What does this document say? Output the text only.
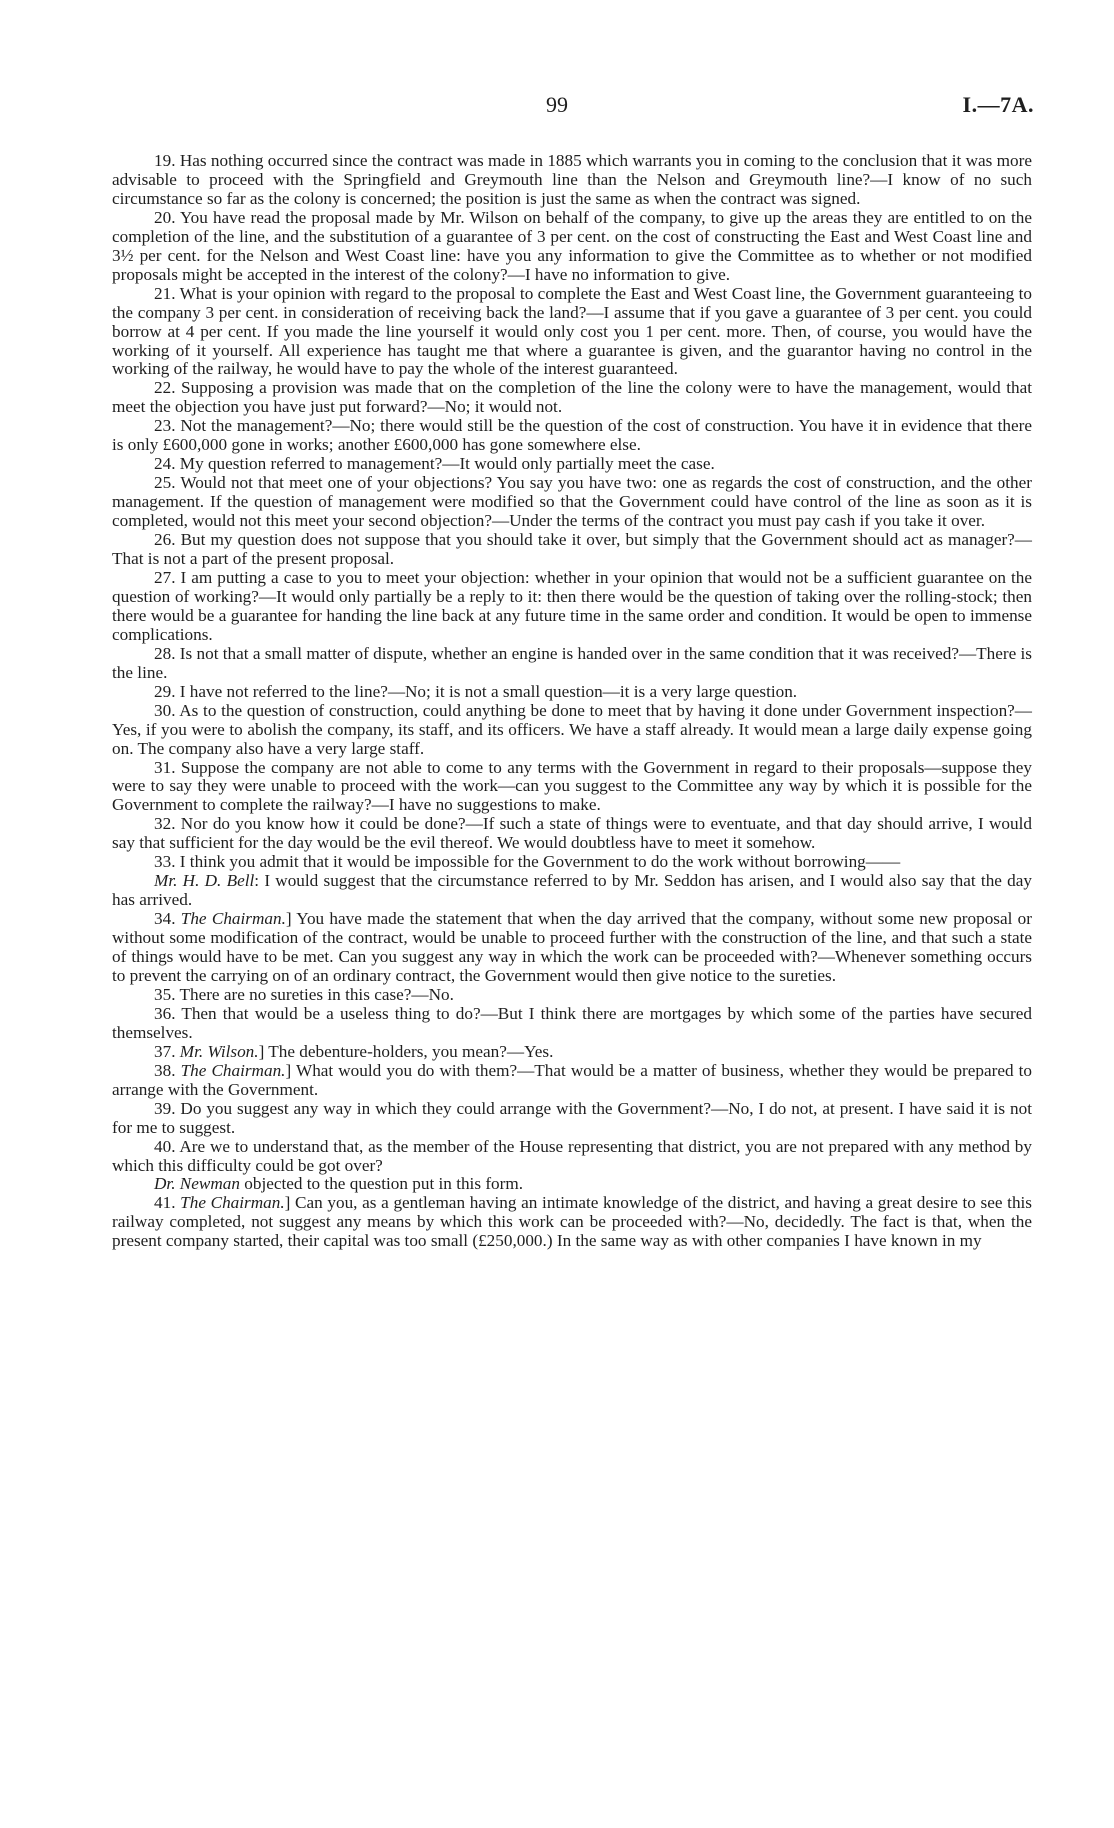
99	I.—7A.

19. Has nothing occurred since the contract was made in 1885 which warrants you in coming to the conclusion that it was more advisable to proceed with the Springfield and Greymouth line than the Nelson and Greymouth line?—I know of no such circumstance so far as the colony is concerned; the position is just the same as when the contract was signed.

20. You have read the proposal made by Mr. Wilson on behalf of the company, to give up the areas they are entitled to on the completion of the line, and the substitution of a guarantee of 3 per cent. on the cost of constructing the East and West Coast line and 3½ per cent. for the Nelson and West Coast line: have you any information to give the Committee as to whether or not modified proposals might be accepted in the interest of the colony?—I have no information to give.

21. What is your opinion with regard to the proposal to complete the East and West Coast line, the Government guaranteeing to the company 3 per cent. in consideration of receiving back the land?—I assume that if you gave a guarantee of 3 per cent. you could borrow at 4 per cent. If you made the line yourself it would only cost you 1 per cent. more. Then, of course, you would have the working of it yourself. All experience has taught me that where a guarantee is given, and the guarantor having no control in the working of the railway, he would have to pay the whole of the interest guaranteed.

22. Supposing a provision was made that on the completion of the line the colony were to have the management, would that meet the objection you have just put forward?—No; it would not.

23. Not the management?—No; there would still be the question of the cost of construction. You have it in evidence that there is only £600,000 gone in works; another £600,000 has gone somewhere else.

24. My question referred to management?—It would only partially meet the case.

25. Would not that meet one of your objections? You say you have two: one as regards the cost of construction, and the other management. If the question of management were modified so that the Government could have control of the line as soon as it is completed, would not this meet your second objection?—Under the terms of the contract you must pay cash if you take it over.

26. But my question does not suppose that you should take it over, but simply that the Government should act as manager?—That is not a part of the present proposal.

27. I am putting a case to you to meet your objection: whether in your opinion that would not be a sufficient guarantee on the question of working?—It would only partially be a reply to it: then there would be the question of taking over the rolling-stock; then there would be a guarantee for handing the line back at any future time in the same order and condition. It would be open to immense complications.

28. Is not that a small matter of dispute, whether an engine is handed over in the same condition that it was received?—There is the line.

29. I have not referred to the line?—No; it is not a small question—it is a very large question.

30. As to the question of construction, could anything be done to meet that by having it done under Government inspection?—Yes, if you were to abolish the company, its staff, and its officers. We have a staff already. It would mean a large daily expense going on. The company also have a very large staff.

31. Suppose the company are not able to come to any terms with the Government in regard to their proposals—suppose they were to say they were unable to proceed with the work—can you suggest to the Committee any way by which it is possible for the Government to complete the railway?—I have no suggestions to make.

32. Nor do you know how it could be done?—If such a state of things were to eventuate, and that day should arrive, I would say that sufficient for the day would be the evil thereof. We would doubtless have to meet it somehow.

33. I think you admit that it would be impossible for the Government to do the work without borrowing——

Mr. H. D. Bell: I would suggest that the circumstance referred to by Mr. Seddon has arisen, and I would also say that the day has arrived.

34. The Chairman.] You have made the statement that when the day arrived that the company, without some new proposal or without some modification of the contract, would be unable to proceed further with the construction of the line, and that such a state of things would have to be met. Can you suggest any way in which the work can be proceeded with?—Whenever something occurs to prevent the carrying on of an ordinary contract, the Government would then give notice to the sureties.

35. There are no sureties in this case?—No.

36. Then that would be a useless thing to do?—But I think there are mortgages by which some of the parties have secured themselves.

37. Mr. Wilson.] The debenture-holders, you mean?—Yes.

38. The Chairman.] What would you do with them?—That would be a matter of business, whether they would be prepared to arrange with the Government.

39. Do you suggest any way in which they could arrange with the Government?—No, I do not, at present. I have said it is not for me to suggest.

40. Are we to understand that, as the member of the House representing that district, you are not prepared with any method by which this difficulty could be got over?

Dr. Newman objected to the question put in this form.

41. The Chairman.] Can you, as a gentleman having an intimate knowledge of the district, and having a great desire to see this railway completed, not suggest any means by which this work can be proceeded with?—No, decidedly. The fact is that, when the present company started, their capital was too small (£250,000.) In the same way as with other companies I have known in my
